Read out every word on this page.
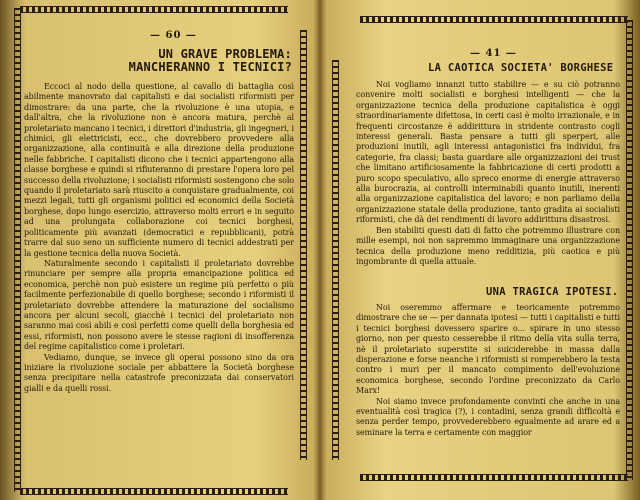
— 60 —
UN GRAVE PROBLEMA:
MANCHERANNO I TECNICI?

Eccoci al nodo della questione, al cavallo di battaglia così abilmente manovrato dai capitalisti e dai socialisti riformisti per dimostrare: da una parte, che la rivoluzione è una utopia, e dall'altra, che la rivoluzione non è ancora matura, perchè al proletariato mancano i tecnici, i direttori d'industria, gli ingegneri, i chimici, gli elettricisti, ecc., che dovrebbero provvedere alla organizzazione, alla continuità e alla direzione della produzione nelle fabbriche. I capitalisti dicono che i tecnici appartengono alla classe borghese e quindi si rifiuteranno di prestare l'opera loro pel successo della rivoluzione; i socialisti riformisti sostengono che solo quando il proletariato sarà riuscito a conquistare gradualmente, coi mezzi legali, tutti gli organismi politici ed economici della Società borghese, dopo lungo esercizio, attraverso molti errori e in seguito ad una prolungata collaborazione coi tecnici borghesi, politicamente più avanzati (democratici e repubblicani), potrà trarre dal suo seno un sufficiente numero di tecnici addestrati per la gestione tecnica della nuova Società.

Naturalmente secondo i capitalisti il proletariato dovrebbe rinunciare per sempre alla propria emancipazione politica ed economica, perchè non può esistere un regime più perfetto o più facilmente perfezionabile di quello borghese; secondo i riformisti il proletariato dovrebbe attendere la maturazione del socialismo ancora per alcuni secoli, giacchè i tecnici del proletariato non saranno mai così abili e così perfetti come quelli della borghesia ed essi, riformisti, non possono avere le stesse ragioni di insofferenza del regime capitalistico come i proletari.

Vediamo, dunque, se invece gli operai possono sino da ora iniziare la rivoluzione sociale per abbattere la Società borghese senza precipitare nella catastrofe preconizzata dai conservatori gialli e da quelli rossi.

— 41 —
LA CAOTICA SOCIETA' BORGHESE

Noi vogliamo innanzi tutto stabilire — e su ciò potranno convenire molti socialisti e borghesi intelligenti — che la organizzazione tecnica della produzione capitalistica è oggi straordinariamente difettosa, in certi casi è molto irrazionale, e in frequenti circostanze è addirittura in stridente contrasto cogli interessi generali. Basta pensare a tutti gli sperperi, alle produzioni inutili, agli interessi antagonistici fra individui, fra categorie, fra classi; basta guardare alle organizzazioni dei trust che limitano artificiosamente la fabbricazione di certi prodotti a puro scopo speculativo, allo spreco enorme di energie attraverso alla burocrazia, ai controlli interminabili quanto inutili, inerenti alla organizzazione capitalistica del lavoro; e non parliamo della organizzazione statale della produzione, tanto gradita ai socialisti riformisti, che dà dei rendimenti di lavoro addirittura disastrosi.

Ben stabiliti questi dati di fatto che potremmo illustrare con mille esempi, noi non sapremmo immaginare una organizzazione tecnica della produzione meno redditizia, più caotica e più ingombrante di quella attuale.

UNA TRAGICA IPOTESI.

Noi oseremmo affermare e teoricamente potremmo dimostrare che se — per dannata ipotesi — tutti i capitalisti e tutti i tecnici borghesi dovessero sparire o... spirare in uno stesso giorno, non per questo cesserebbe il ritmo della vita sulla terra, nè il proletariato superstite si suiciderebbe in massa dalla disperazione e forse neanche i riformisti si romperebbero la testa contro i muri per il mancato compimento dell'evoluzione economica borghese, secondo l'ordine preconizzato da Carlo Marx!

Noi siamo invece profondamente convinti che anche in una eventualità così tragica (?), i contadini, senza grandi difficoltà e senza perder tempo, provvederebbero egualmente ad arare ed a seminare la terra e certamente con maggior
